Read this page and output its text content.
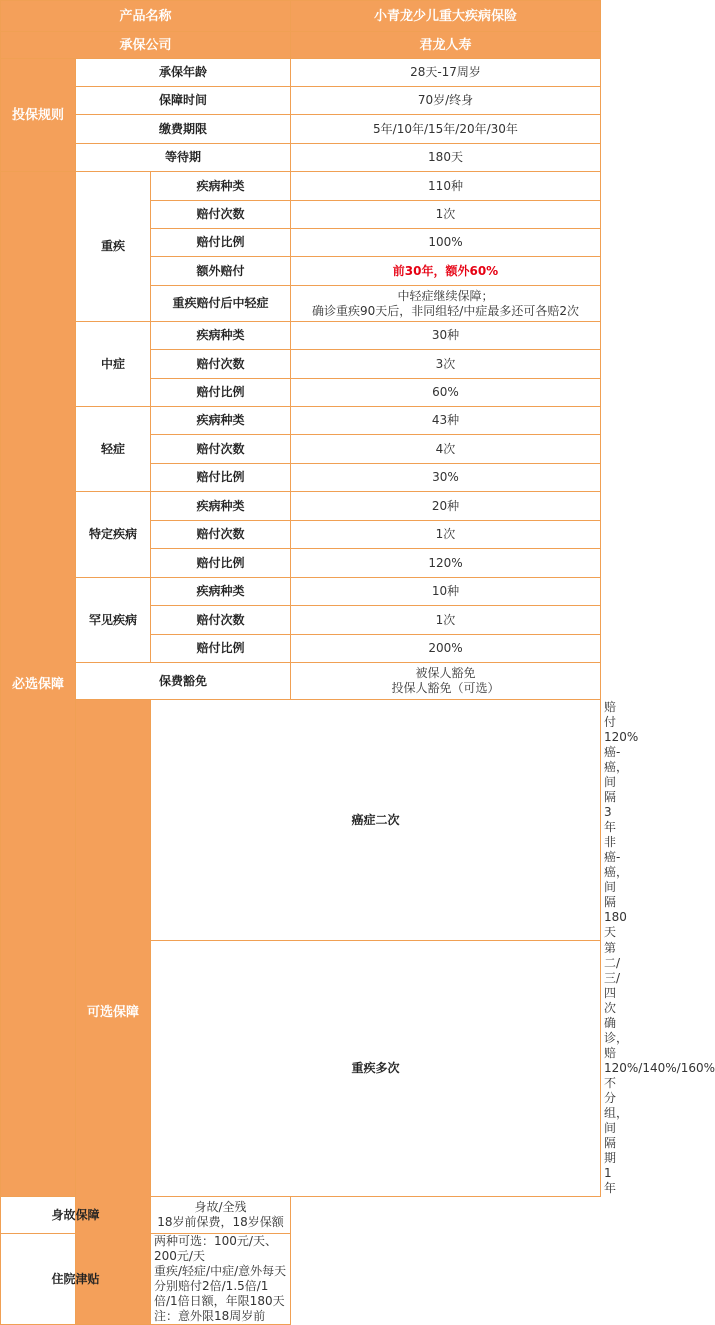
产品名称			小青龙少儿重大疾病保险	
承保公司			君龙人寿	
投保规则	承保年龄		28天-17周岁	
	保障时间		70岁/终身	
	缴费期限		5年/10年/15年/20年/30年	
	等待期		180天	
必选保障	重疾	疾病种类	110种	
		赔付次数	1次	
		赔付比例	100%	
		额外赔付	前30年，额外60%	
		重疾赔付后中轻症	中轻症继续保障；
确诊重疾90天后，非同组轻/中症最多还可各赔2次	

	中症	疾病种类	30种	
		赔付次数	3次	
		赔付比例	60%	
	轻症	疾病种类	43种	
		赔付次数	4次	
		赔付比例	30%	
	特定疾病	疾病种类	20种	
		赔付次数	1次	
		赔付比例	120%	
	罕见疾病	疾病种类	10种	
		赔付次数	1次	
		赔付比例	200%	
	保费豁免		被保人豁免
投保人豁免（可选）	

	可选保障	癌症二次		赔付120%
癌-癌，间隔3年
非癌-癌，间隔180天

		重疾多次		第二/三/四次确诊，赔120%/140%/160%
不分组，间隔期1年

身故保障		身故/全残
18岁前保费，18岁保额		

住院津贴		两种可选：100元/天、200元/天
重疾/轻症/中症/意外每天分别赔付2倍/1.5倍/1倍/1倍日额，年限180天
注：意外限18周岁前		
